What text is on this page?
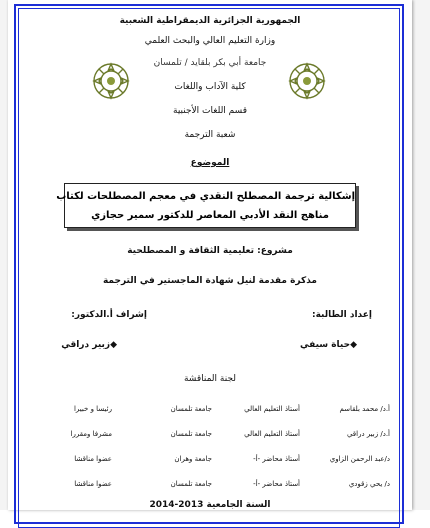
الجمهورية الجزائرية الديمقراطية الشعبية
وزارة التعليم العالي والبحث العلمي
جامعة أبي بكر بلقايد / تلمسان
كلية الآداب واللغات
قسم اللغات الأجنبية
شعبة الترجمة
الموضوع
إشكالية ترجمة المصطلح النقدي في معجم المصطلحات لكتاب
مناهج النقد الأدبي المعاصر للدكتور سمير حجازي
مشروع: تعليمية الثقافة و المصطلحية
مذكرة مقدمة لنيل شهادة الماجستير في الترجمة
إعداد الطالبة:
إشراف أ.الدكتور:
◆حياة سيفي
◆زبير دراقي
لجنة المناقشة
أ.د/ محمد بلقاسم
أستاذ التعليم العالي
جامعة تلمسان
رئيسا و خبيرا
أ.د/ زبير دراقي
أستاذ التعليم العالي
جامعة تلمسان
مشرفا ومقررا
د/عبد الرحمن الزاوي
أستاذ محاضر -أ-
جامعة وهران
عضوا مناقشا
د/ يحي زقودي
أستاذ محاضر -أ-
جامعة تلمسان
عضوا مناقشا
السنة الجامعية 2013-2014
